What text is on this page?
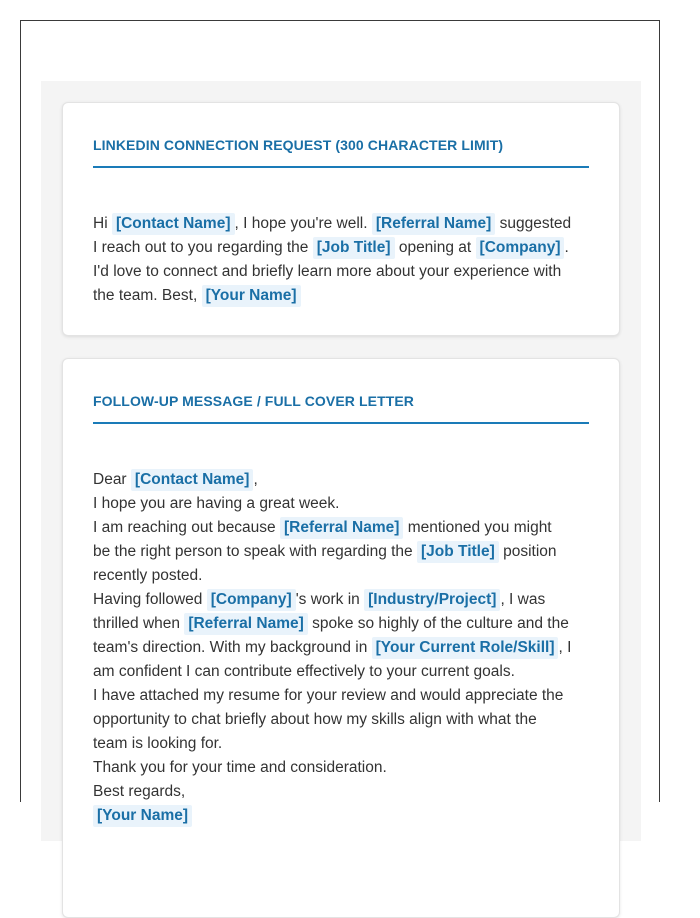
LINKEDIN CONNECTION REQUEST (300 CHARACTER LIMIT)
Hi [Contact Name] , I hope you're well. [Referral Name] suggested
I reach out to you regarding the [Job Title] opening at [Company] .
I'd love to connect and briefly learn more about your experience with
the team. Best, [Your Name]
FOLLOW-UP MESSAGE / FULL COVER LETTER
Dear [Contact Name] ,
I hope you are having a great week.
I am reaching out because [Referral Name] mentioned you might
be the right person to speak with regarding the [Job Title] position
recently posted.
Having followed [Company] 's work in [Industry/Project] , I was
thrilled when [Referral Name] spoke so highly of the culture and the
team's direction. With my background in [Your Current Role/Skill] , I
am confident I can contribute effectively to your current goals.
I have attached my resume for your review and would appreciate the
opportunity to chat briefly about how my skills align with what the
team is looking for.
Thank you for your time and consideration.
Best regards,
[Your Name]
